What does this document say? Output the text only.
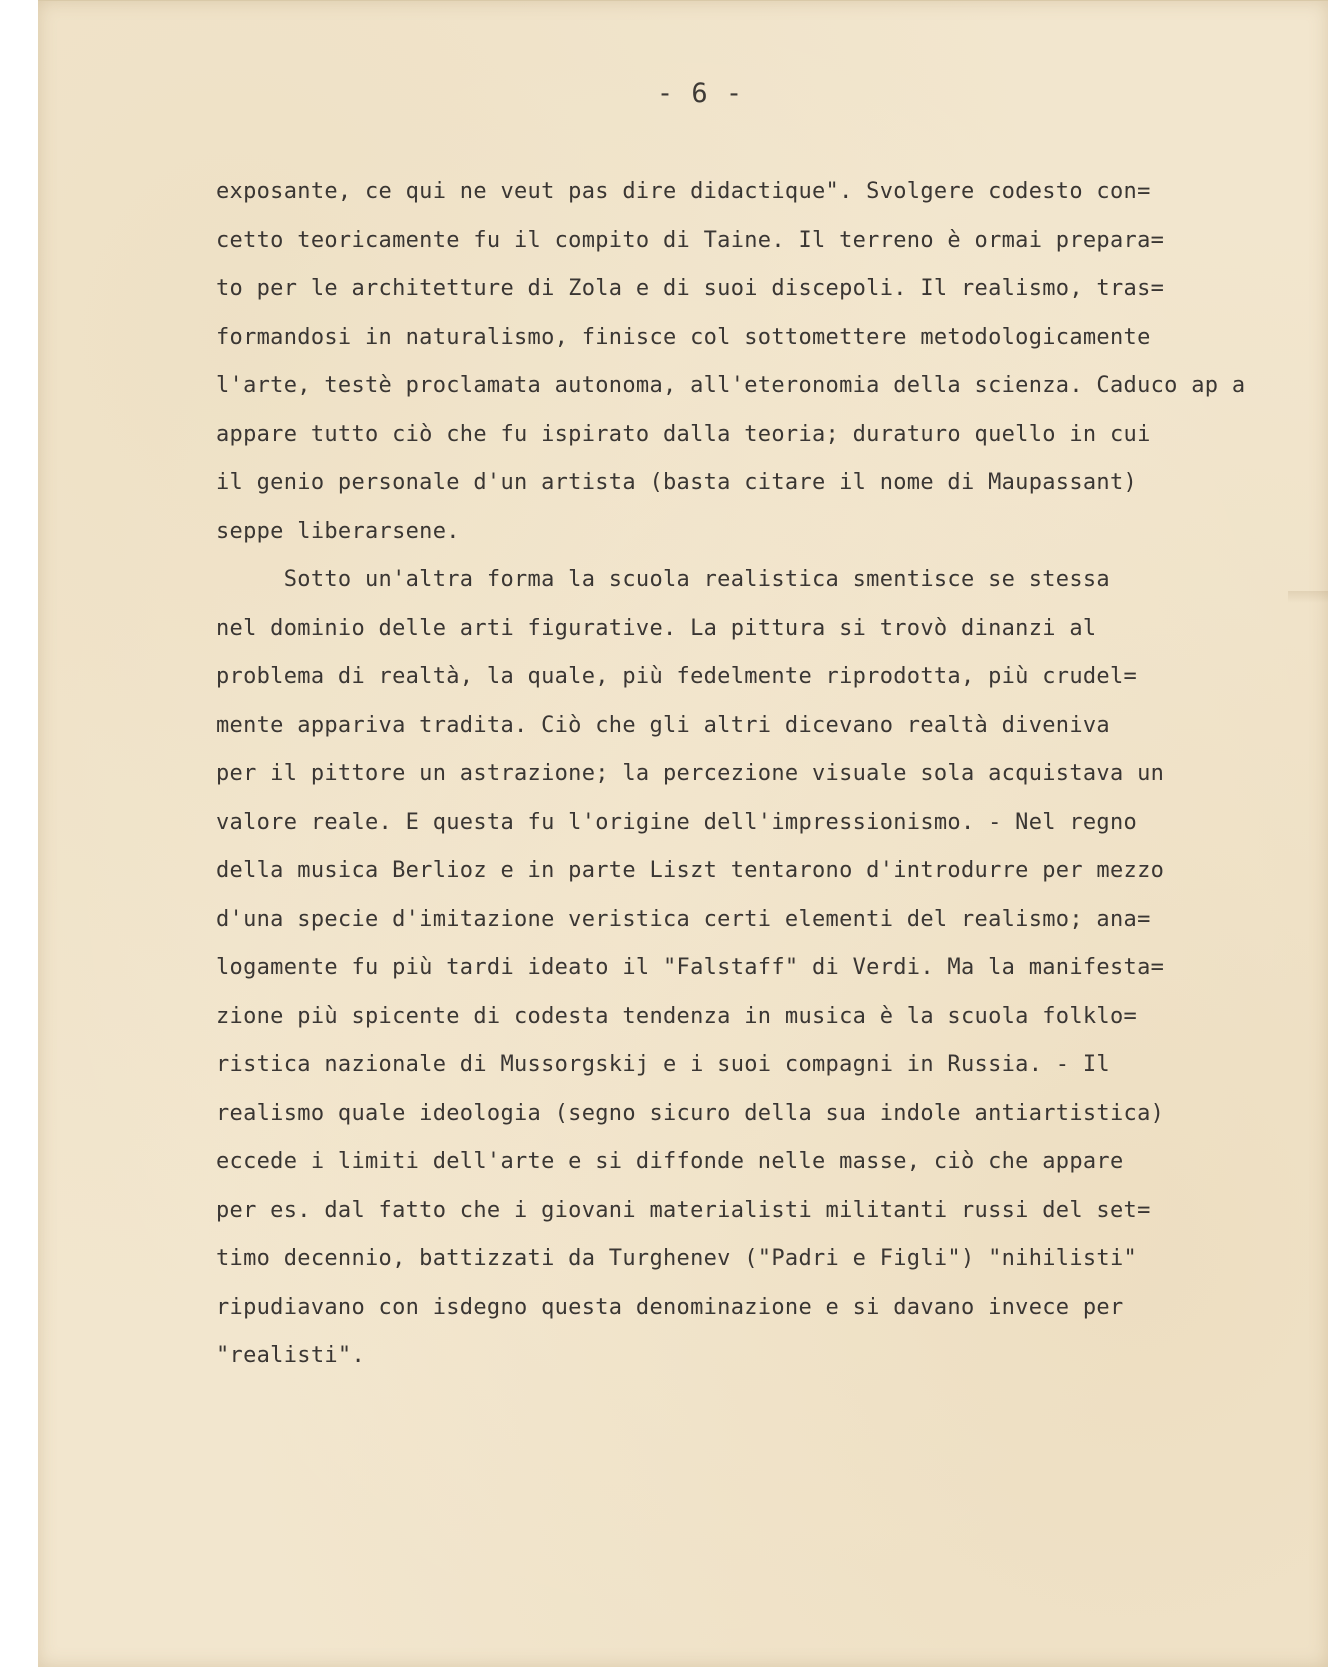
- 6 -
exposante, ce qui ne veut pas dire didactique". Svolgere codesto con=
cetto teoricamente fu il compito di Taine. Il terreno è ormai prepara=
to per le architetture di Zola e di suoi discepoli. Il realismo, tras=
formandosi in naturalismo, finisce col sottomettere metodologicamente
l'arte, testè proclamata autonoma, all'eteronomia della scienza. Caduco ap a
appare tutto ciò che fu ispirato dalla teoria; duraturo quello in cui
il genio personale d'un artista (basta citare il nome di Maupassant)
seppe liberarsene.
Sotto un'altra forma la scuola realistica smentisce se stessa
nel dominio delle arti figurative. La pittura si trovò dinanzi al
problema di realtà, la quale, più fedelmente riprodotta, più crudel=
mente appariva tradita. Ciò che gli altri dicevano realtà diveniva
per il pittore un astrazione; la percezione visuale sola acquistava un
valore reale. E questa fu l'origine dell'impressionismo. - Nel regno
della musica Berlioz e in parte Liszt tentarono d'introdurre per mezzo
d'una specie d'imitazione veristica certi elementi del realismo; ana=
logamente fu più tardi ideato il "Falstaff" di Verdi. Ma la manifesta=
zione più spicente di codesta tendenza in musica è la scuola folklo=
ristica nazionale di Mussorgskij e i suoi compagni in Russia. - Il
realismo quale ideologia (segno sicuro della sua indole antiartistica)
eccede i limiti dell'arte e si diffonde nelle masse, ciò che appare
per es. dal fatto che i giovani materialisti militanti russi del set=
timo decennio, battizzati da Turghenev ("Padri e Figli") "nihilisti"
ripudiavano con isdegno questa denominazione e si davano invece per
"realisti".
